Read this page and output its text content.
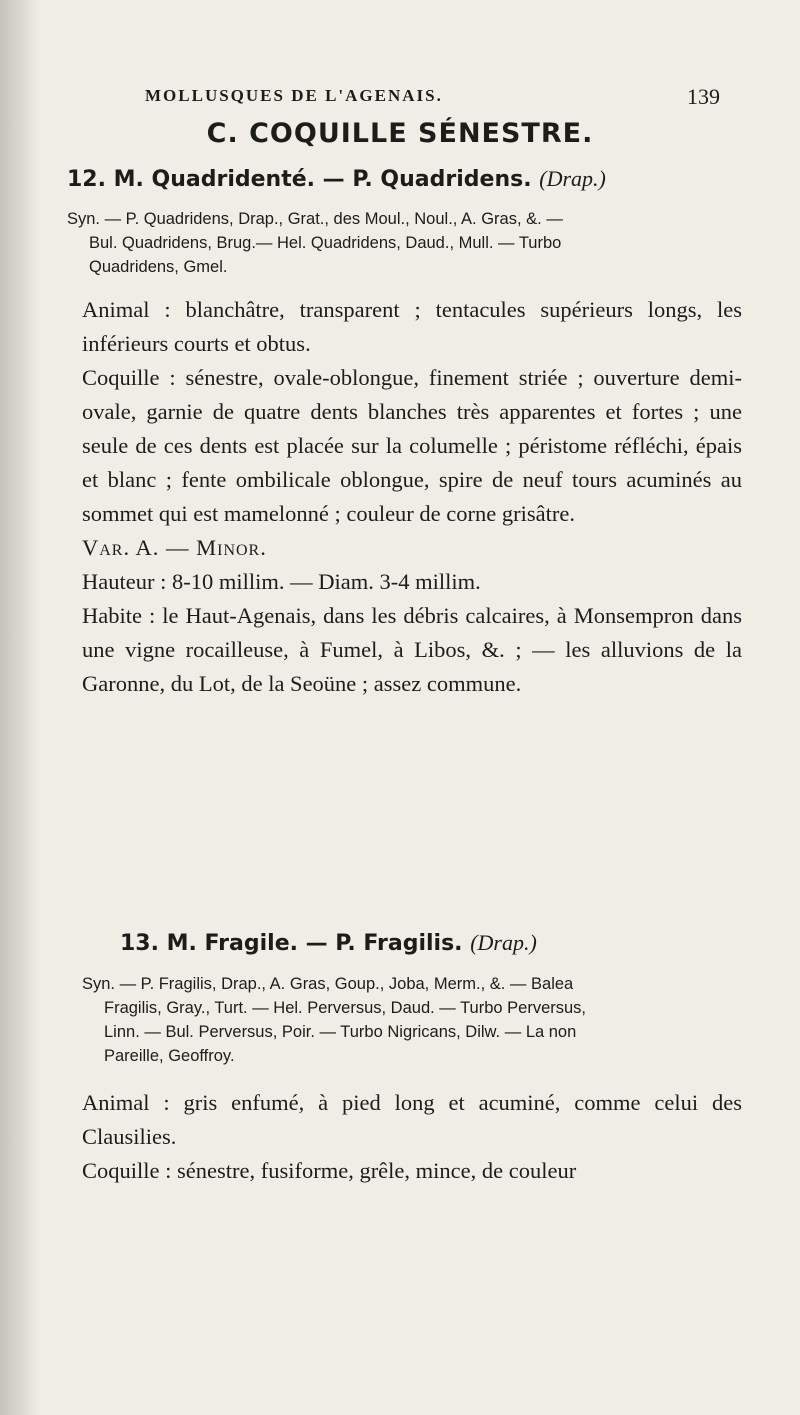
MOLLUSQUES DE L'AGENAIS.	139
C. COQUILLE SÉNESTRE.
12. M. Quadridenté. — P. Quadridens. (Drap.)
Syn. — P. Quadridens, Drap., Grat., des Moul., Noul., A. Gras, &. —
Bul. Quadridens, Brug.— Hel. Quadridens, Daud., Mull. — Turbo
Quadridens, Gmel.

Animal : blanchâtre, transparent ; tentacules supérieurs longs, les inférieurs courts et obtus.

Coquille : sénestre, ovale-oblongue, finement striée ; ouverture demi-ovale, garnie de quatre dents blanches très apparentes et fortes ; une seule de ces dents est placée sur la columelle ; péristome réfléchi, épais et blanc ; fente ombilicale oblongue, spire de neuf tours acuminés au sommet qui est mamelonné ; couleur de corne grisâtre.

Var. A. — Minor.

Hauteur : 8-10 millim. — Diam. 3-4 millim.

Habite : le Haut-Agenais, dans les débris calcaires, à Monsempron dans une vigne rocailleuse, à Fumel, à Libos, &. ; — les alluvions de la Garonne, du Lot, de la Seoüne ; assez commune.

13. M. Fragile. — P. Fragilis. (Drap.)
Syn. — P. Fragilis, Drap., A. Gras, Goup., Joba, Merm., &. — Balea
Fragilis, Gray., Turt. — Hel. Perversus, Daud. — Turbo Perversus,
Linn. — Bul. Perversus, Poir. — Turbo Nigricans, Dilw. — La non
Pareille, Geoffroy.

Animal : gris enfumé, à pied long et acuminé, comme celui des Clausilies.

Coquille : sénestre, fusiforme, grêle, mince, de couleur
